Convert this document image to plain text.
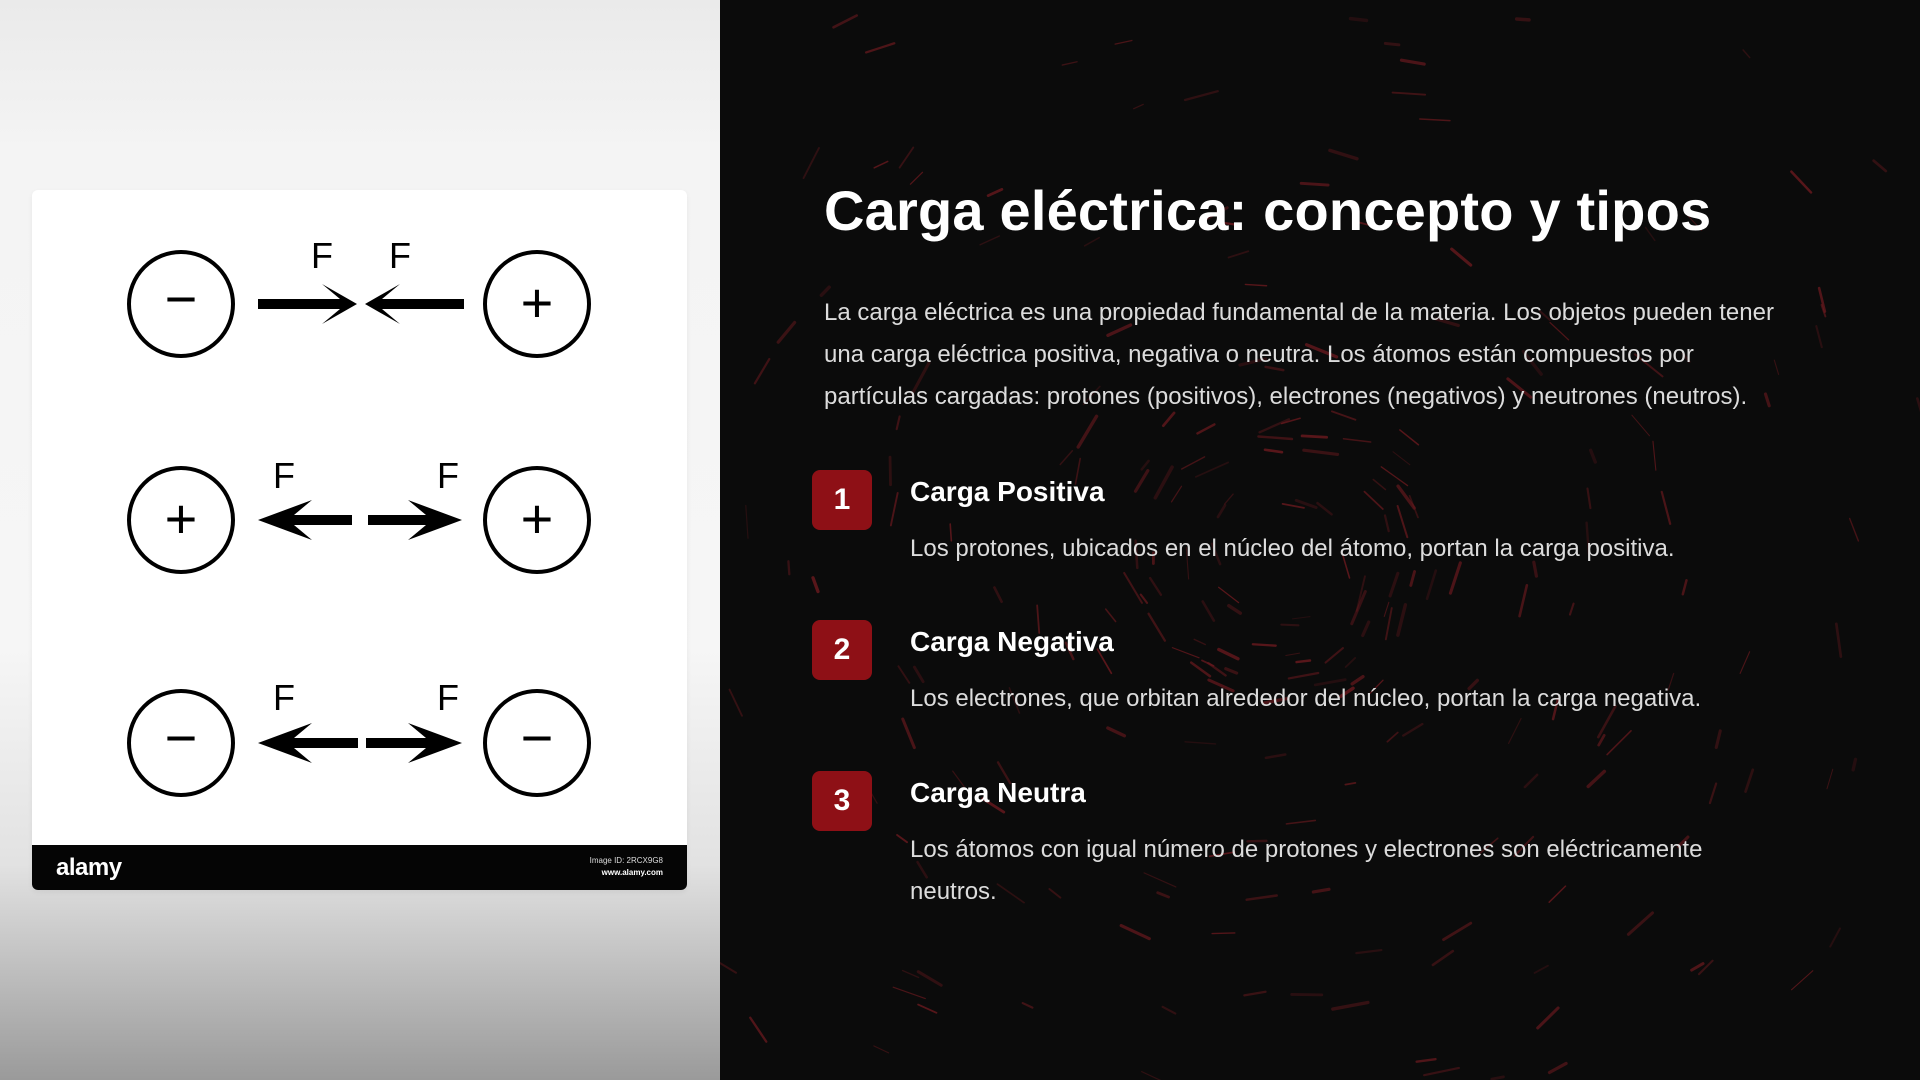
−	+
F F
+	+
F	F
−	−
F	F
alamy	Image ID: 2RCX9G8
www.alamy.com
Carga eléctrica: concepto y tipos

La carga eléctrica es una propiedad fundamental de la materia. Los objetos pueden tener una carga eléctrica positiva, negativa o neutra. Los átomos están compuestos por partículas cargadas: protones (positivos), electrones (negativos) y neutrones (neutros).

1	Carga Positiva

Los protones, ubicados en el núcleo del átomo, portan la carga positiva.

2	Carga Negativa

Los electrones, que orbitan alrededor del núcleo, portan la carga negativa.

3	Carga Neutra

Los átomos con igual número de protones y electrones son eléctricamente neutros.
